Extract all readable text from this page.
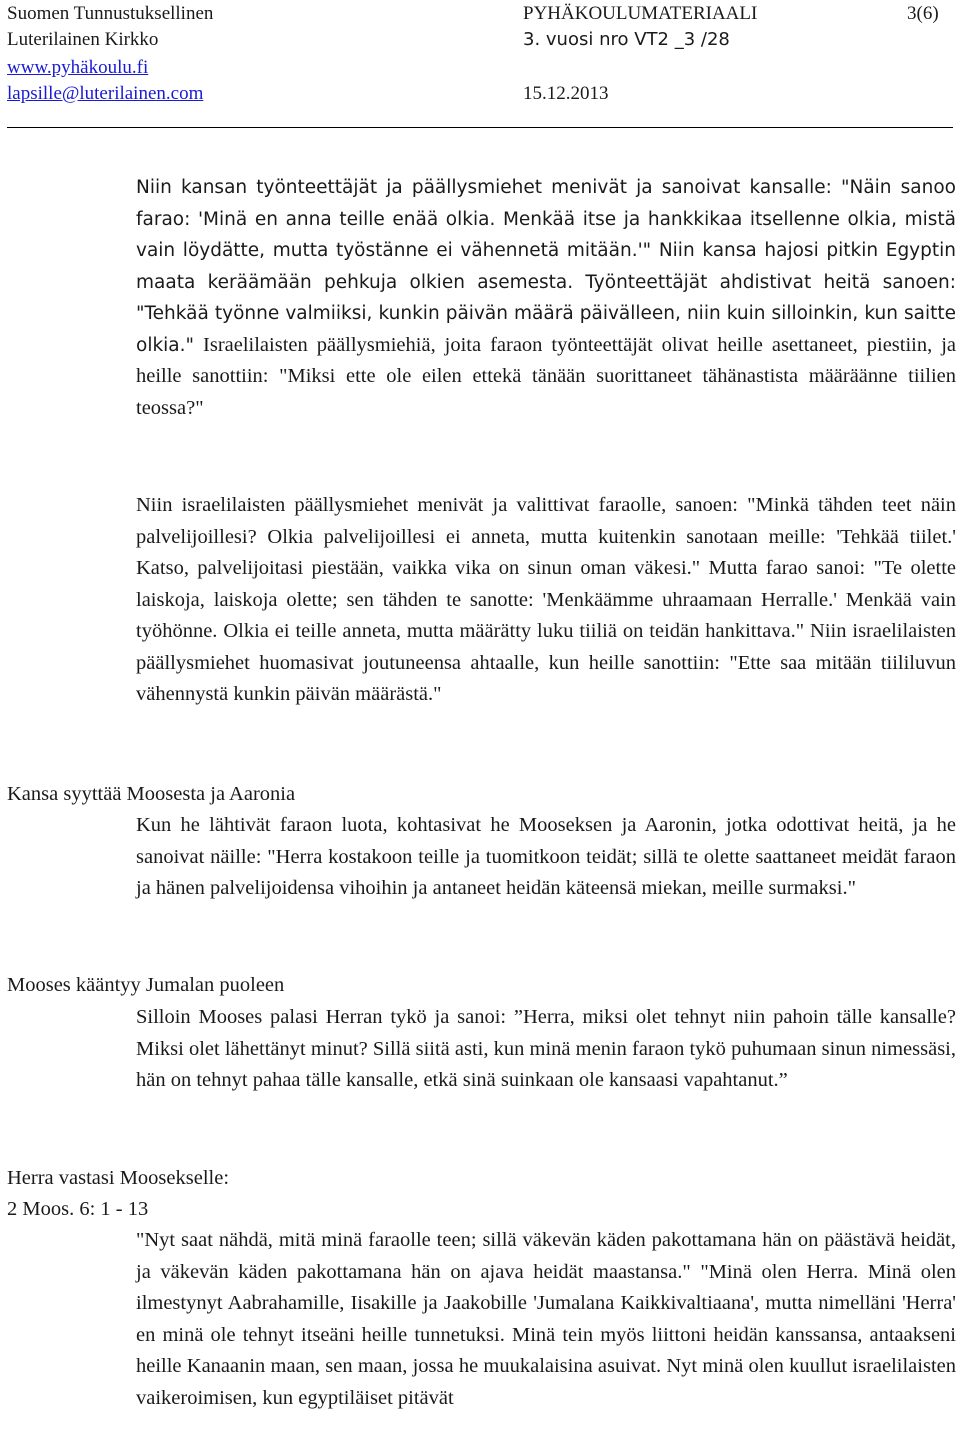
Suomen Tunnustuksellinen
Luterilainen Kirkko
www.pyhäkoulu.fi
lapsille@luterilainen.com
PYHÄKOULUMATERIAALI
3. vuosi nro VT2 _3 /28
15.12.2013
3(6)

Niin kansan työnteettäjät ja päällysmiehet menivät ja sanoivat kansalle: "Näin sanoo farao: 'Minä en anna teille enää olkia. Menkää itse ja hankkikaa itsellenne olkia, mistä vain löydätte, mutta työstänne ei vähennetä mitään.'" Niin kansa hajosi pitkin Egyptin maata keräämään pehkuja olkien asemesta. Työnteettäjät ahdistivat heitä sanoen: "Tehkää työnne valmiiksi, kunkin päivän määrä päivälleen, niin kuin silloinkin, kun saitte olkia." Israelilaisten päällysmiehiä, joita faraon työnteettäjät olivat heille asettaneet, piestiin, ja heille sanottiin: "Miksi ette ole eilen ettekä tänään suorittaneet tähänastista määräänne tiilien teossa?"

Niin israelilaisten päällysmiehet menivät ja valittivat faraolle, sanoen: "Minkä tähden teet näin palvelijoillesi? Olkia palvelijoillesi ei anneta, mutta kuitenkin sanotaan meille: 'Tehkää tiilet.' Katso, palvelijoitasi piestään, vaikka vika on sinun oman väkesi." Mutta farao sanoi: "Te olette laiskoja, laiskoja olette; sen tähden te sanotte: 'Menkäämme uhraamaan Herralle.' Menkää vain työhönne. Olkia ei teille anneta, mutta määrätty luku tiiliä on teidän hankittava." Niin israelilaisten päällysmiehet huomasivat joutuneensa ahtaalle, kun heille sanottiin: "Ette saa mitään tiililuvun vähennystä kunkin päivän määrästä."

Kansa syyttää Moosesta ja Aaronia

Kun he lähtivät faraon luota, kohtasivat he Mooseksen ja Aaronin, jotka odottivat heitä, ja he sanoivat näille: "Herra kostakoon teille ja tuomitkoon teidät; sillä te olette saattaneet meidät faraon ja hänen palvelijoidensa vihoihin ja antaneet heidän käteensä miekan, meille surmaksi."

Mooses kääntyy Jumalan puoleen

Silloin Mooses palasi Herran tykö ja sanoi: ”Herra, miksi olet tehnyt niin pahoin tälle kansalle? Miksi olet lähettänyt minut? Sillä siitä asti, kun minä menin faraon tykö puhumaan sinun nimessäsi, hän on tehnyt pahaa tälle kansalle, etkä sinä suinkaan ole kansaasi vapahtanut.”

Herra vastasi Moosekselle:
2 Moos. 6: 1 - 13

"Nyt saat nähdä, mitä minä faraolle teen; sillä väkevän käden pakottamana hän on päästävä heidät, ja väkevän käden pakottamana hän on ajava heidät maastansa." "Minä olen Herra. Minä olen ilmestynyt Aabrahamille, Iisakille ja Jaakobille 'Jumalana Kaikkivaltiaana', mutta nimelläni 'Herra' en minä ole tehnyt itseäni heille tunnetuksi. Minä tein myös liittoni heidän kanssansa, antaakseni heille Kanaanin maan, sen maan, jossa he muukalaisina asuivat. Nyt minä olen kuullut israelilaisten vaikeroimisen, kun egyptiläiset pitävät
